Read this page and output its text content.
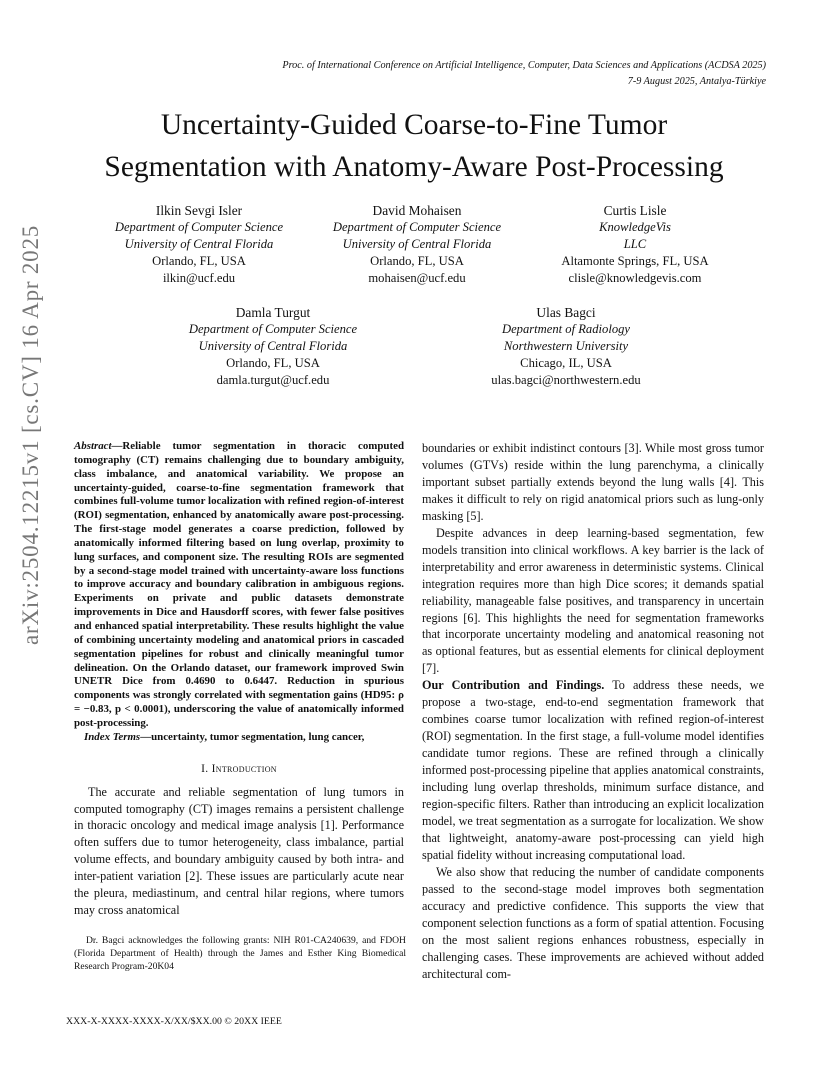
Proc. of International Conference on Artificial Intelligence, Computer, Data Sciences and Applications (ACDSA 2025)
7-9 August 2025, Antalya-Türkiye
Uncertainty-Guided Coarse-to-Fine Tumor
Segmentation with Anatomy-Aware Post-Processing
Ilkin Sevgi Isler
Department of Computer Science
University of Central Florida
Orlando, FL, USA
ilkin@ucf.edu
David Mohaisen
Department of Computer Science
University of Central Florida
Orlando, FL, USA
mohaisen@ucf.edu
Curtis Lisle
KnowledgeVis
LLC
Altamonte Springs, FL, USA
clisle@knowledgevis.com
Damla Turgut
Department of Computer Science
University of Central Florida
Orlando, FL, USA
damla.turgut@ucf.edu
Ulas Bagci
Department of Radiology
Northwestern University
Chicago, IL, USA
ulas.bagci@northwestern.edu
arXiv:2504.12215v1 [cs.CV] 16 Apr 2025	Abstract—Reliable tumor segmentation in thoracic computed tomography (CT) remains challenging due to boundary ambiguity, class imbalance, and anatomical variability. We propose an uncertainty-guided, coarse-to-fine segmentation framework that combines full-volume tumor localization with refined region-of-interest (ROI) segmentation, enhanced by anatomically aware post-processing. The first-stage model generates a coarse prediction, followed by anatomically informed filtering based on lung overlap, proximity to lung surfaces, and component size. The resulting ROIs are segmented by a second-stage model trained with uncertainty-aware loss functions to improve accuracy and boundary calibration in ambiguous regions. Experiments on private and public datasets demonstrate improvements in Dice and Hausdorff scores, with fewer false positives and enhanced spatial interpretability. These results highlight the value of combining uncertainty modeling and anatomical priors in cascaded segmentation pipelines for robust and clinically meaningful tumor delineation. On the Orlando dataset, our framework improved Swin UNETR Dice from 0.4690 to 0.6447. Reduction in spurious components was strongly correlated with segmentation gains (HD95: ρ = −0.83, p < 0.0001), underscoring the value of anatomically informed post-processing.

Index Terms—uncertainty, tumor segmentation, lung cancer,

I. Introduction

The accurate and reliable segmentation of lung tumors in computed tomography (CT) images remains a persistent challenge in thoracic oncology and medical image analysis [1]. Performance often suffers due to tumor heterogeneity, class imbalance, partial volume effects, and boundary ambiguity caused by both intra- and inter-patient variation [2]. These issues are particularly acute near the pleura, mediastinum, and central hilar regions, where tumors may cross anatomical

boundaries or exhibit indistinct contours [3]. While most gross tumor volumes (GTVs) reside within the lung parenchyma, a clinically important subset partially extends beyond the lung walls [4]. This makes it difficult to rely on rigid anatomical priors such as lung-only masking [5].

Despite advances in deep learning-based segmentation, few models transition into clinical workflows. A key barrier is the lack of interpretability and error awareness in deterministic systems. Clinical integration requires more than high Dice scores; it demands spatial reliability, manageable false positives, and transparency in uncertain regions [6]. This highlights the need for segmentation frameworks that incorporate uncertainty modeling and anatomical reasoning not as optional features, but as essential elements for clinical deployment [7].

Our Contribution and Findings. To address these needs, we propose a two-stage, end-to-end segmentation framework that combines coarse tumor localization with refined region-of-interest (ROI) segmentation. In the first stage, a full-volume model identifies candidate tumor regions. These are refined through a clinically informed post-processing pipeline that applies anatomical constraints, including lung overlap thresholds, minimum surface distance, and region-specific filters. Rather than introducing an explicit localization model, we treat segmentation as a surrogate for localization. We show that lightweight, anatomy-aware post-processing can yield high spatial fidelity without increasing computational load.

We also show that reducing the number of candidate components passed to the second-stage model improves both segmentation accuracy and predictive confidence. This supports the view that component selection functions as a form of spatial attention. Focusing on the most salient regions enhances robustness, especially in challenging cases. These improvements are achieved without added architectural com-

Dr. Bagci acknowledges the following grants: NIH R01-CA240639, and FDOH (Florida Department of Health) through the James and Esther King Biomedical Research Program-20K04
XXX-X-XXXX-XXXX-X/XX/$XX.00 © 20XX IEEE
